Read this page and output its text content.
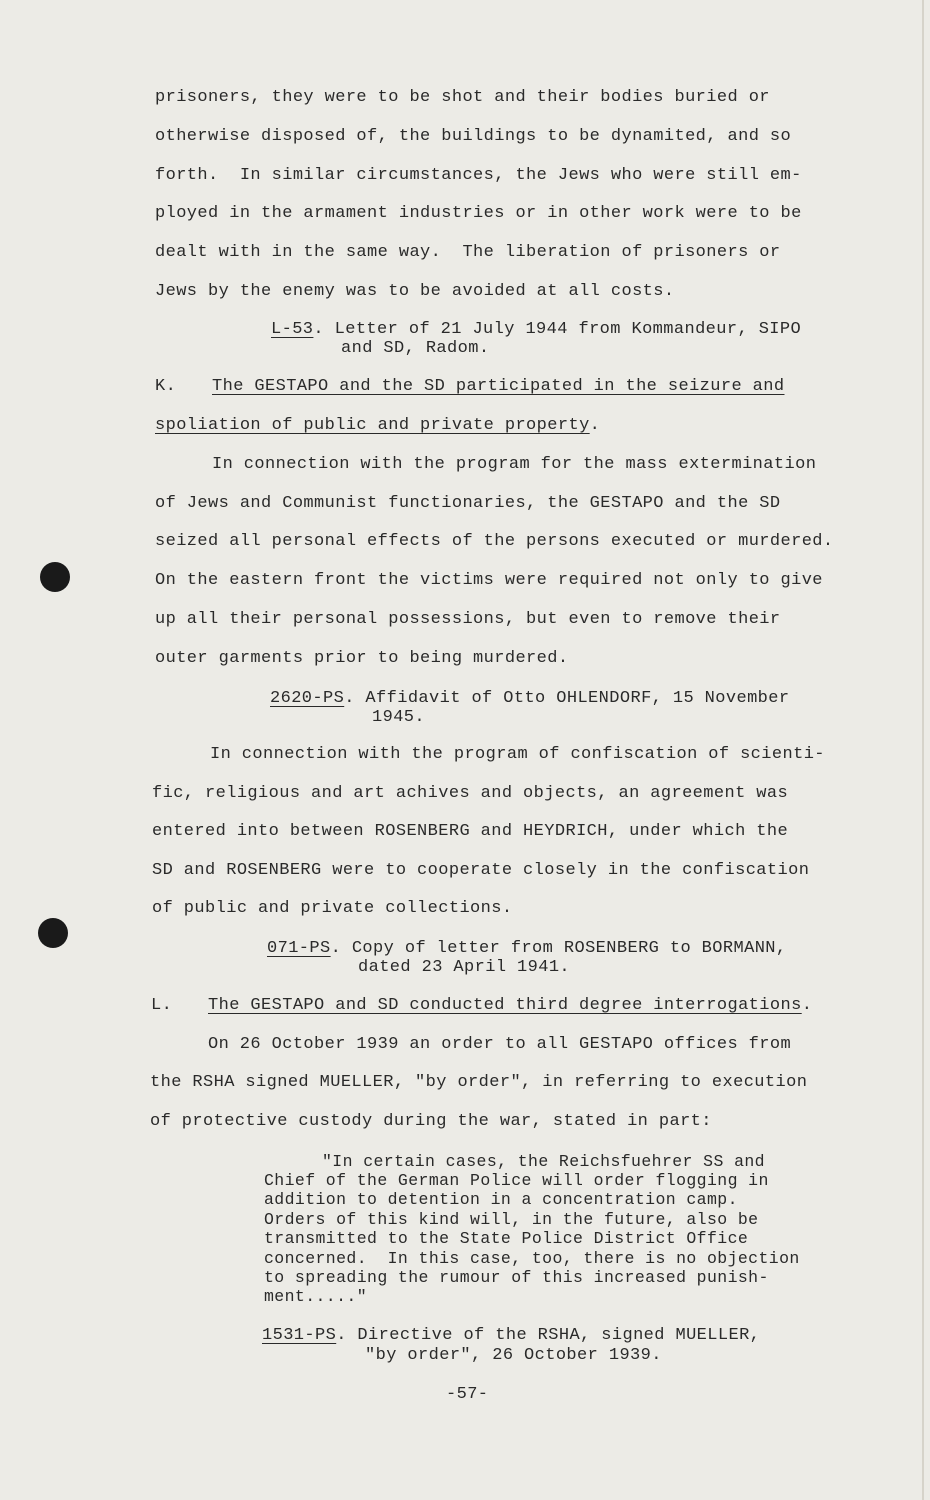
prisoners, they were to be shot and their bodies buried or
otherwise disposed of, the buildings to be dynamited, and so
forth.  In similar circumstances, the Jews who were still em-
ployed in the armament industries or in other work were to be
dealt with in the same way.  The liberation of prisoners or
Jews by the enemy was to be avoided at all costs.
L-53. Letter of 21 July 1944 from Kommandeur, SIPO
and SD, Radom.
K. The GESTAPO and the SD participated in the seizure and
spoliation of public and private property.
In connection with the program for the mass extermination
of Jews and Communist functionaries, the GESTAPO and the SD
seized all personal effects of the persons executed or murdered.
On the eastern front the victims were required not only to give
up all their personal possessions, but even to remove their
outer garments prior to being murdered.
2620-PS. Affidavit of Otto OHLENDORF, 15 November
1945.
In connection with the program of confiscation of scienti-
fic, religious and art achives and objects, an agreement was
entered into between ROSENBERG and HEYDRICH, under which the
SD and ROSENBERG were to cooperate closely in the confiscation
of public and private collections.
071-PS. Copy of letter from ROSENBERG to BORMANN,
dated 23 April 1941.
L. The GESTAPO and SD conducted third degree interrogations.
On 26 October 1939 an order to all GESTAPO offices from
the RSHA signed MUELLER, "by order", in referring to execution
of protective custody during the war, stated in part:
"In certain cases, the Reichsfuehrer SS and
Chief of the German Police will order flogging in
addition to detention in a concentration camp.
Orders of this kind will, in the future, also be
transmitted to the State Police District Office
concerned.  In this case, too, there is no objection
to spreading the rumour of this increased punish-
ment....."
1531-PS. Directive of the RSHA, signed MUELLER,
"by order", 26 October 1939.
-57-
